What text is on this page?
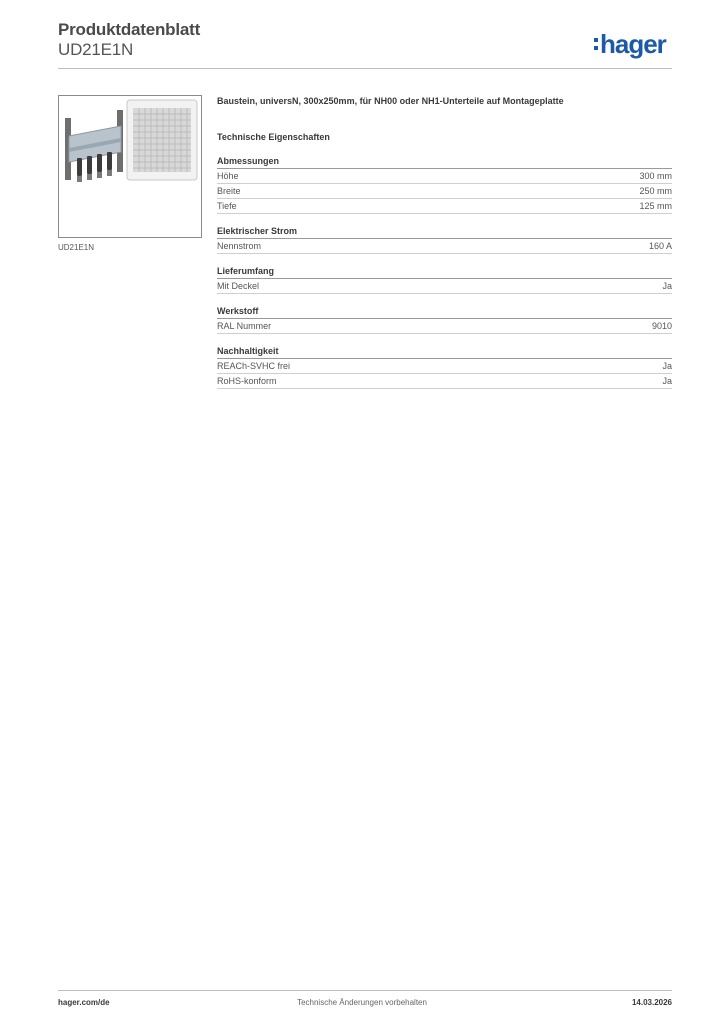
Produktdatenblatt
UD21E1N	hager
UD21E1N
Baustein, universN, 300x250mm, für NH00 oder NH1-Unterteile auf Montageplatte
Technische Eigenschaften
Abmessungen
Höhe	300 mm
Breite	250 mm
Tiefe	125 mm
Elektrischer Strom
Nennstrom	160 A
Lieferumfang
Mit Deckel	Ja
Werkstoff
RAL Nummer	9010
Nachhaltigkeit
REACh-SVHC frei	Ja
RoHS-konform	Ja
hager.com/de	Technische Änderungen vorbehalten	14.03.2026
